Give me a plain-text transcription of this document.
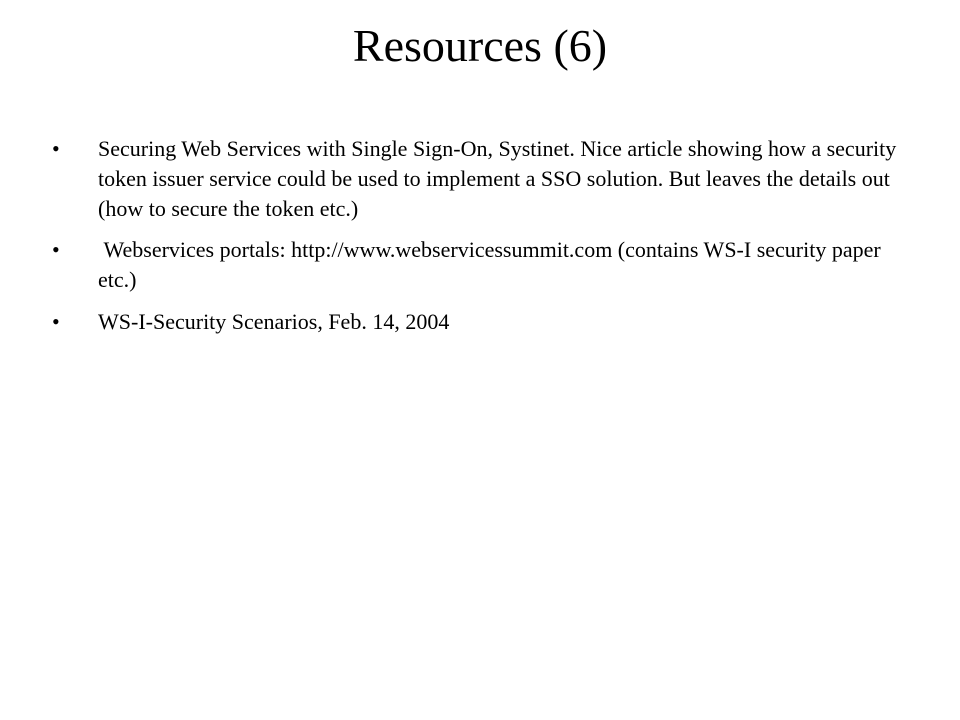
Resources (6)
• Securing Web Services with Single Sign-On, Systinet. Nice article showing how a security token issuer service could be used to implement a SSO solution. But leaves the details out (how to secure the token etc.)
• Webservices portals: http://www.webservicessummit.com (contains WS-I security paper etc.)
• WS-I-Security Scenarios, Feb. 14, 2004
